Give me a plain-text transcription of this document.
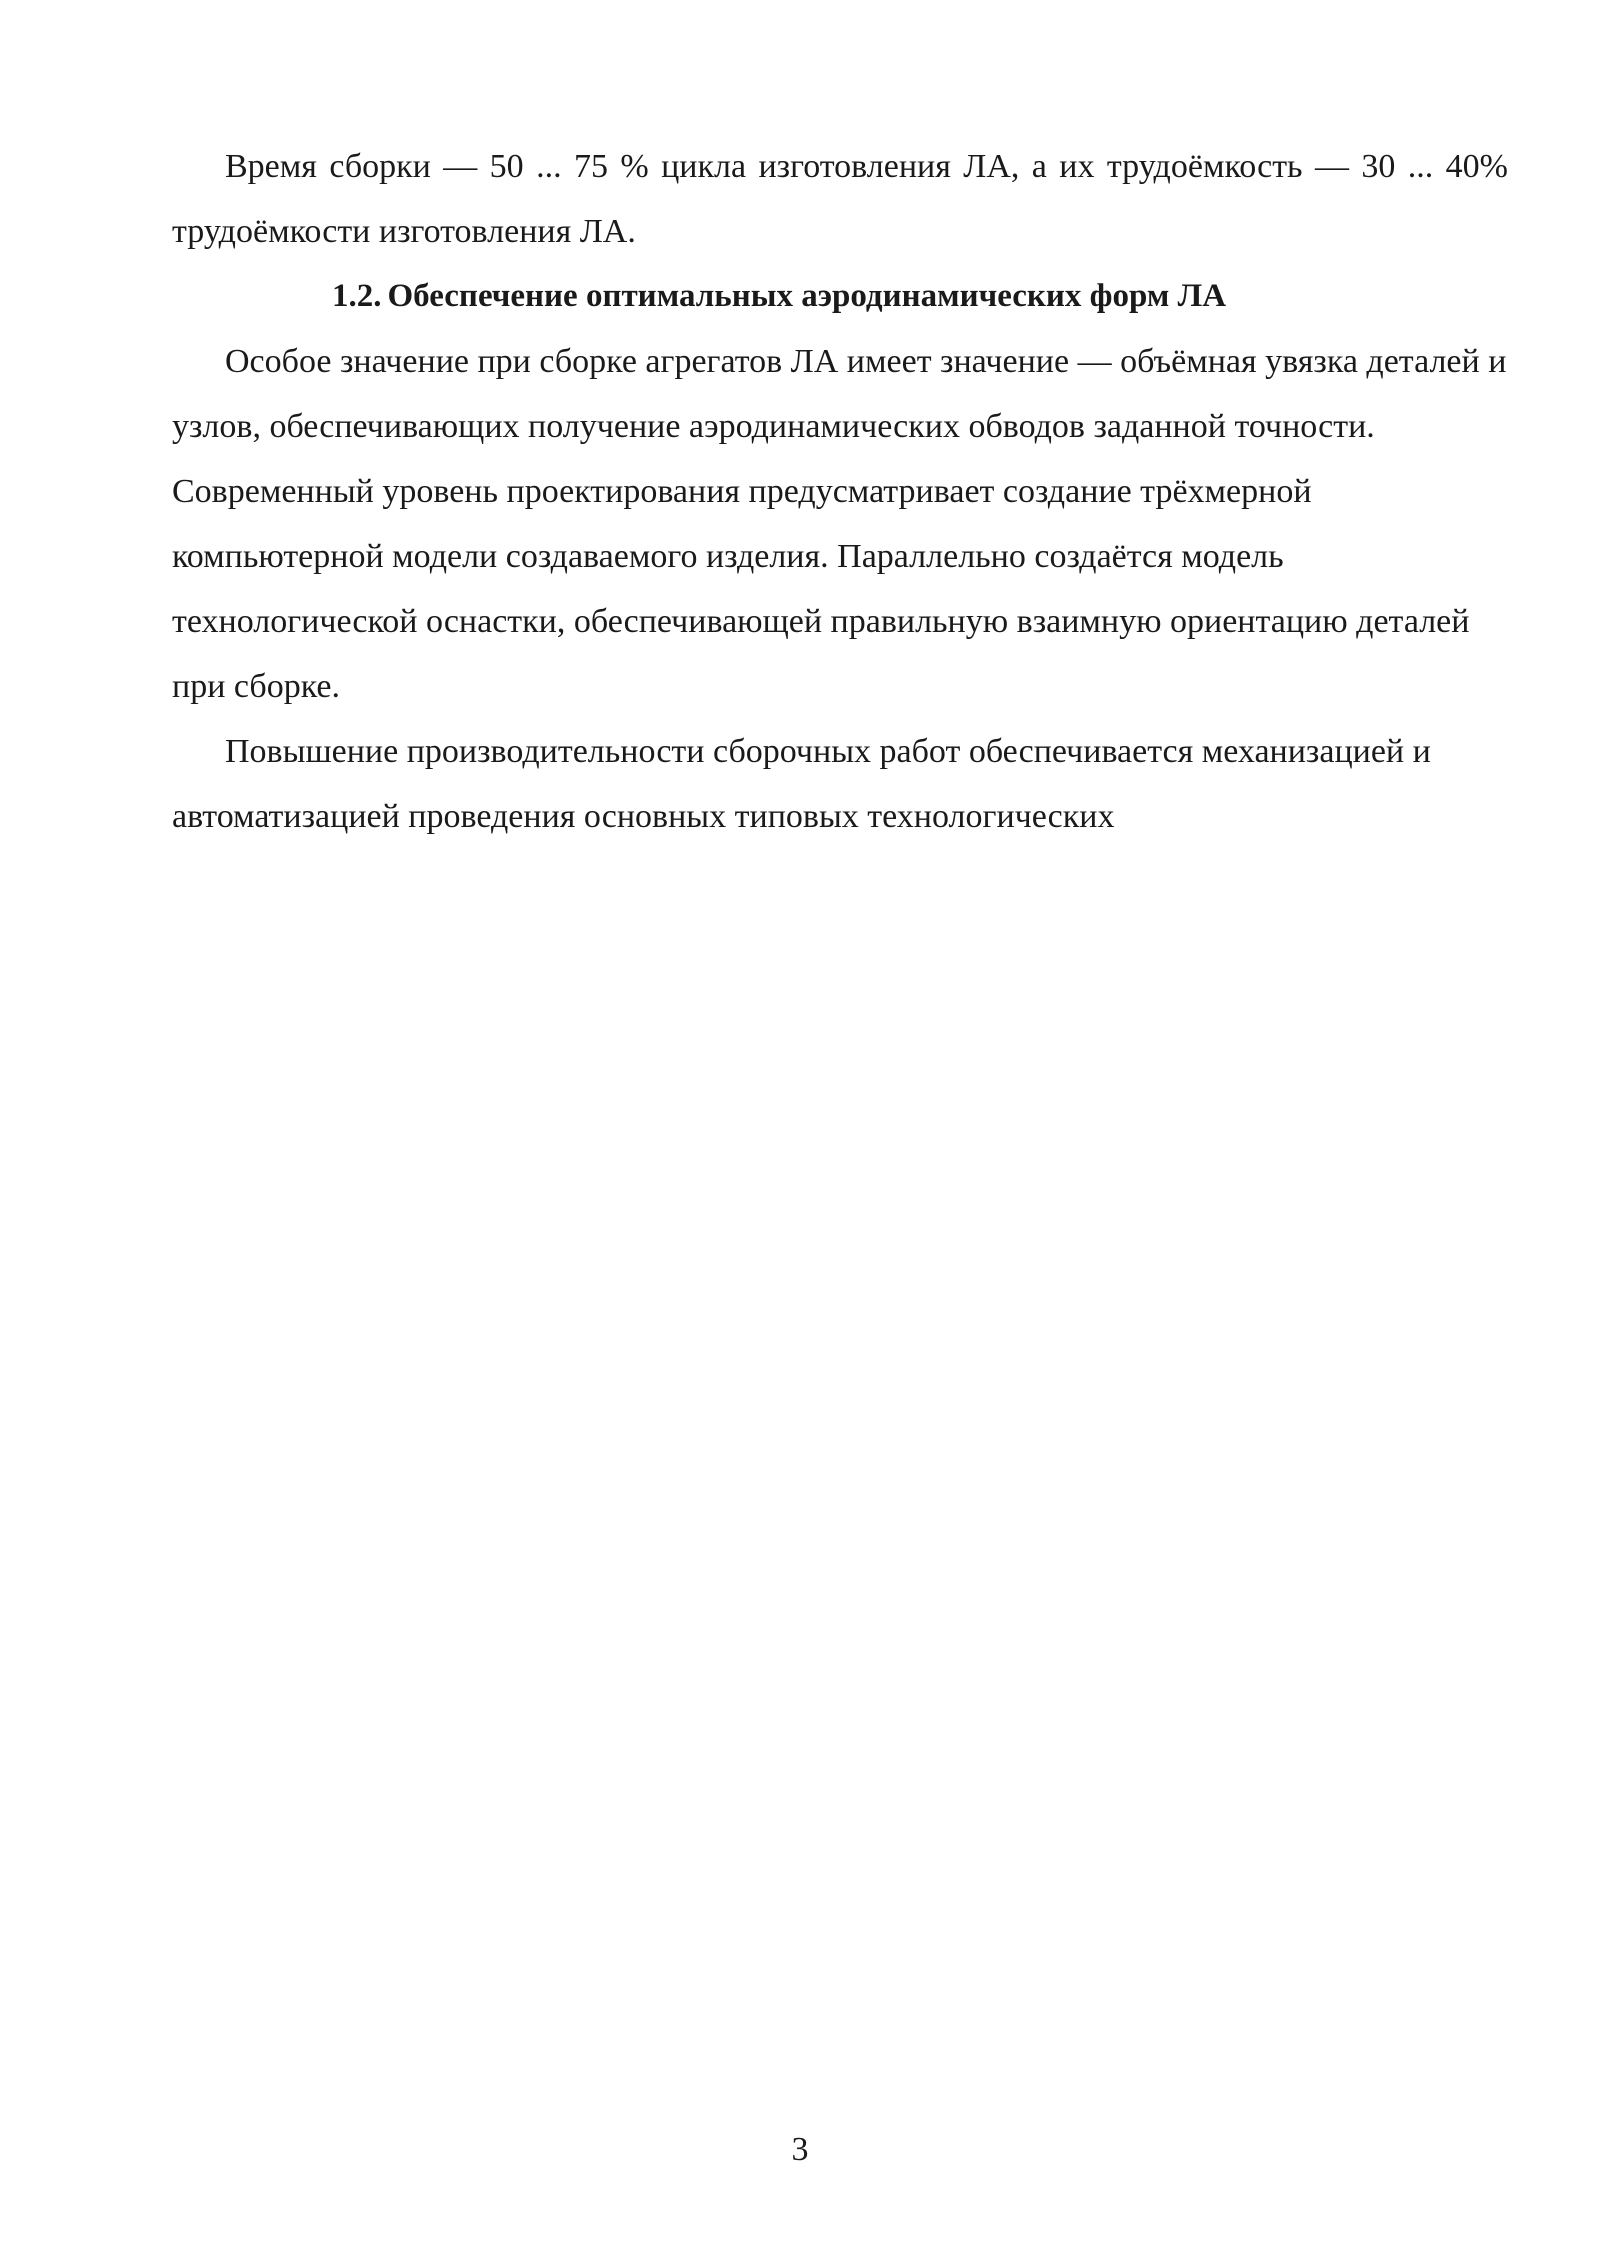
Время сборки — 50 ... 75 % цикла изготовления ЛА, а их трудоёмкость — 30 ... 40% трудоёмкости изготовления ЛА.

1.2. Обеспечение оптимальных аэродинамических форм ЛА

Особое значение при сборке агрегатов ЛА имеет значение — объёмная увязка деталей и узлов, обеспечивающих получение аэродинамических обводов заданной точности. Современный уровень проектирования предусматривает создание трёхмерной компьютерной модели создаваемого изделия. Параллельно создаётся модель технологической оснастки, обеспечивающей правильную взаимную ориентацию деталей при сборке.

Повышение производительности сборочных работ обеспечивается механизацией и автоматизацией проведения основных типовых технологических

3
